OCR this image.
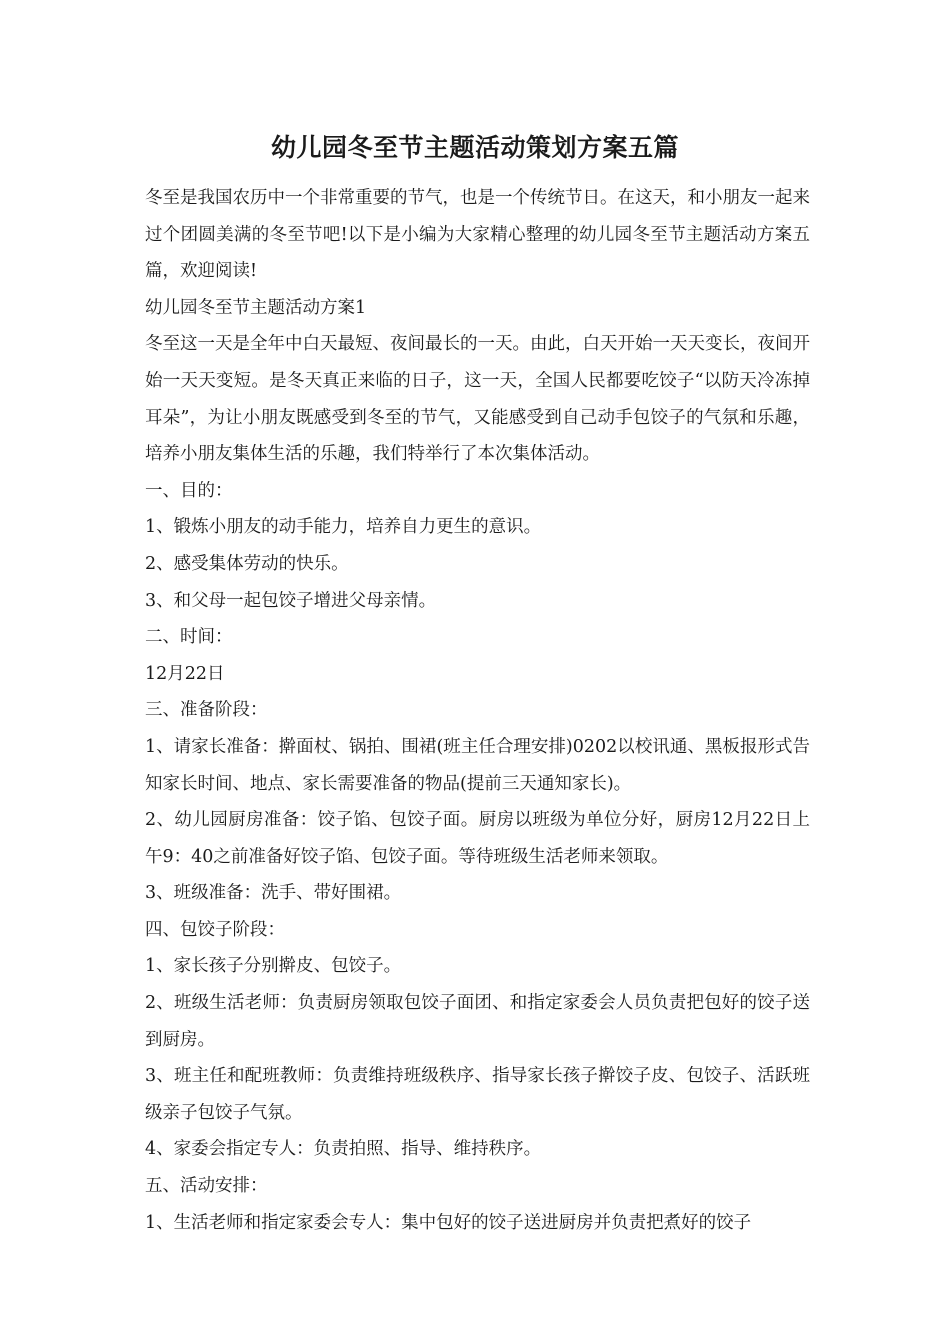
幼儿园冬至节主题活动策划方案五篇

冬至是我国农历中一个非常重要的节气，也是一个传统节日。在这天，和小朋友一起来过个团圆美满的冬至节吧!以下是小编为大家精心整理的幼儿园冬至节主题活动方案五篇，欢迎阅读!

幼儿园冬至节主题活动方案1

冬至这一天是全年中白天最短、夜间最长的一天。由此，白天开始一天天变长，夜间开始一天天变短。是冬天真正来临的日子，这一天，全国人民都要吃饺子“以防天冷冻掉耳朵”，为让小朋友既感受到冬至的节气，又能感受到自己动手包饺子的气氛和乐趣，培养小朋友集体生活的乐趣，我们特举行了本次集体活动。

一、目的：

1、锻炼小朋友的动手能力，培养自力更生的意识。

2、感受集体劳动的快乐。

3、和父母一起包饺子增进父母亲情。

二、时间：

12月22日

三、准备阶段：

1、请家长准备：擀面杖、锅拍、围裙(班主任合理安排)0202以校讯通、黑板报形式告知家长时间、地点、家长需要准备的物品(提前三天通知家长)。

2、幼儿园厨房准备：饺子馅、包饺子面。厨房以班级为单位分好，厨房12月22日上午9：40之前准备好饺子馅、包饺子面。等待班级生活老师来领取。

3、班级准备：洗手、带好围裙。

四、包饺子阶段：

1、家长孩子分别擀皮、包饺子。

2、班级生活老师：负责厨房领取包饺子面团、和指定家委会人员负责把包好的饺子送到厨房。

3、班主任和配班教师：负责维持班级秩序、指导家长孩子擀饺子皮、包饺子、活跃班级亲子包饺子气氛。

4、家委会指定专人：负责拍照、指导、维持秩序。

五、活动安排：

1、生活老师和指定家委会专人：集中包好的饺子送进厨房并负责把煮好的饺子
